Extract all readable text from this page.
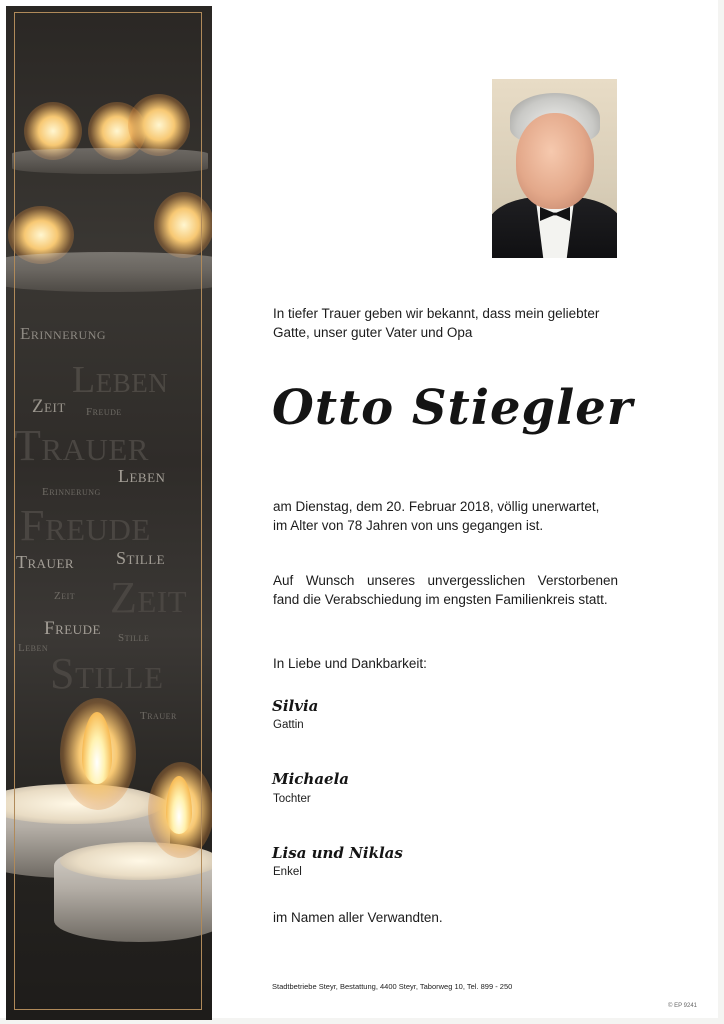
Erinnerung
Leben
Zeit Freude
Trauer
Leben
Erinnerung
Freude
Trauer Stille
Zeit Zeit
Freude Stille
Leben
Stille
Trauer
In tiefer Trauer geben wir bekannt, dass mein geliebter
Gatte, unser guter Vater und Opa
Otto Stiegler
am Dienstag, dem 20. Februar 2018, völlig unerwartet,
im Alter von 78 Jahren von uns gegangen ist.
Auf Wunsch unseres unvergesslichen Verstorbenen
fand die Verabschiedung im engsten Familienkreis statt.
In Liebe und Dankbarkeit:
Silvia
Gattin
Michaela
Tochter
Lisa und Niklas
Enkel
im Namen aller Verwandten.
Stadtbetriebe Steyr, Bestattung, 4400 Steyr, Taborweg 10, Tel. 899 - 250
© EP 9241
